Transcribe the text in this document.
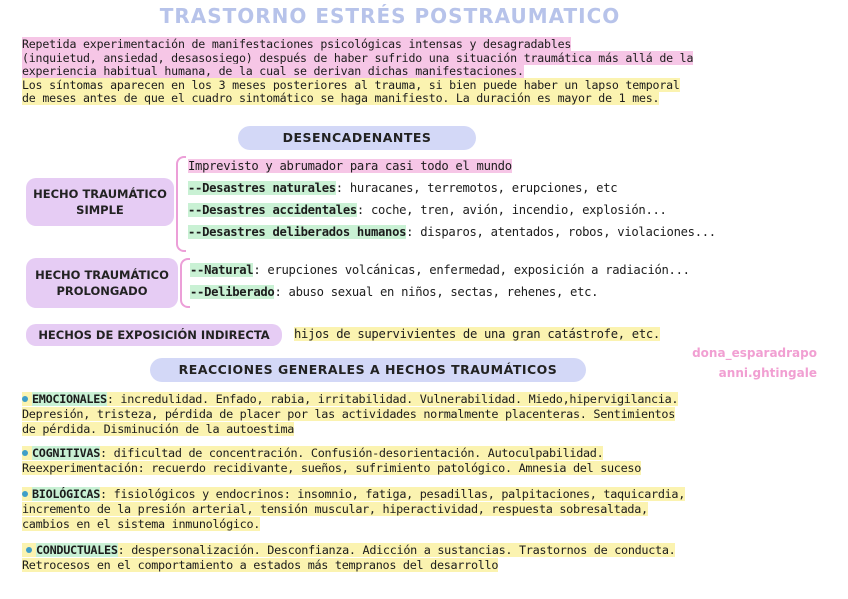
TRASTORNO ESTRÉS POSTRAUMATICO
Repetida experimentación de manifestaciones psicológicas intensas y desagradables
(inquietud, ansiedad, desasosiego) después de haber sufrido una situación traumática más allá de la
experiencia habitual humana, de la cual se derivan dichas manifestaciones.
Los síntomas aparecen en los 3 meses posteriores al trauma, si bien puede haber un lapso temporal
de meses antes de que el cuadro sintomático se haga manifiesto. La duración es mayor de 1 mes.
DESENCADENANTES
HECHO TRAUMÁTICO
SIMPLE
Imprevisto y abrumador para casi todo el mundo
--Desastres naturales: huracanes, terremotos, erupciones, etc
--Desastres accidentales: coche, tren, avión, incendio, explosión...
--Desastres deliberados humanos: disparos, atentados, robos, violaciones...
HECHO TRAUMÁTICO
PROLONGADO
--Natural: erupciones volcánicas, enfermedad, exposición a radiación...
--Deliberado: abuso sexual en niños, sectas, rehenes, etc.
HECHOS DE EXPOSICIÓN INDIRECTA	hijos de supervivientes de una gran catástrofe, etc.
dona_esparadrapo
anni.ghtingale
REACCIONES GENERALES A HECHOS TRAUMÁTICOS
EMOCIONALES: incredulidad. Enfado, rabia, irritabilidad. Vulnerabilidad. Miedo,hipervigilancia.
Depresión, tristeza, pérdida de placer por las actividades normalmente placenteras. Sentimientos
de pérdida. Disminución de la autoestima
COGNITIVAS: dificultad de concentración. Confusión-desorientación. Autoculpabilidad.
Reexperimentación: recuerdo recidivante, sueños, sufrimiento patológico. Amnesia del suceso
BIOLÓGICAS: fisiológicos y endocrinos: insomnio, fatiga, pesadillas, palpitaciones, taquicardia,
incremento de la presión arterial, tensión muscular, hiperactividad, respuesta sobresaltada,
cambios en el sistema inmunológico.
CONDUCTUALES: despersonalización. Desconfianza. Adicción a sustancias. Trastornos de conducta.
Retrocesos en el comportamiento a estados más tempranos del desarrollo
